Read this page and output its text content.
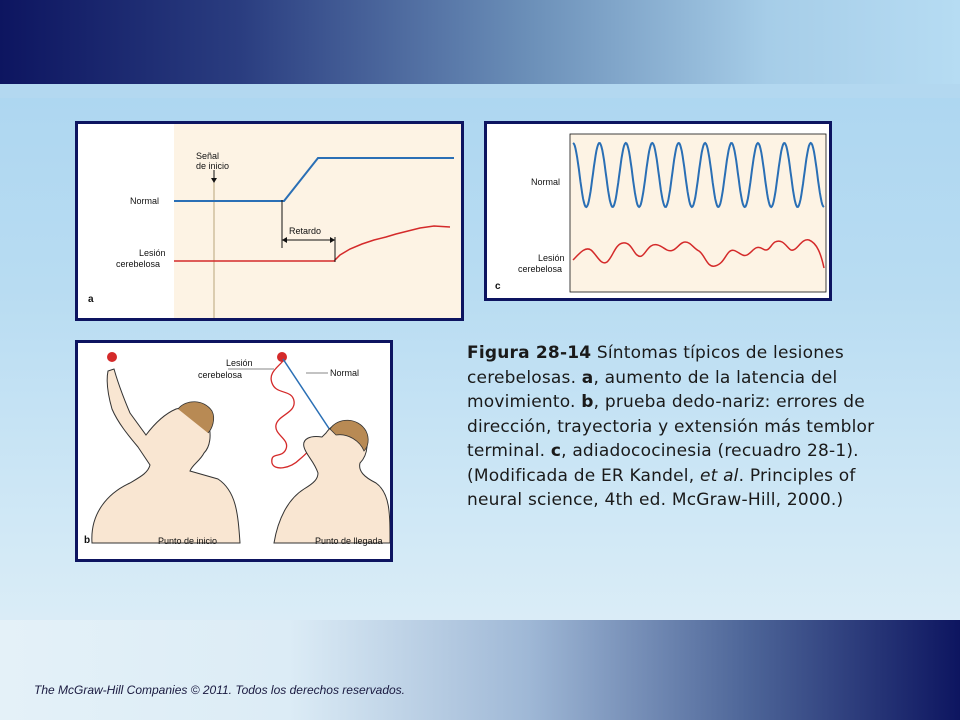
Señal
de inicio
Normal
Lesión
cerebelosa
Retardo
a
Normal
Lesión
cerebelosa
c
Lesión
cerebelosa	Normal
Punto de inicio	Punto de llegada
b
Figura 28-14 Síntomas típicos de lesiones cerebelosas. a, aumento de la latencia del movimiento. b, prueba dedo-nariz: errores de dirección, trayectoria y extensión más temblor terminal. c, adiadococinesia (recuadro 28-1). (Modificada de ER Kandel, et al. Principles of neural science, 4th ed. McGraw-Hill, 2000.)
The McGraw-Hill Companies © 2011. Todos los derechos reservados.
